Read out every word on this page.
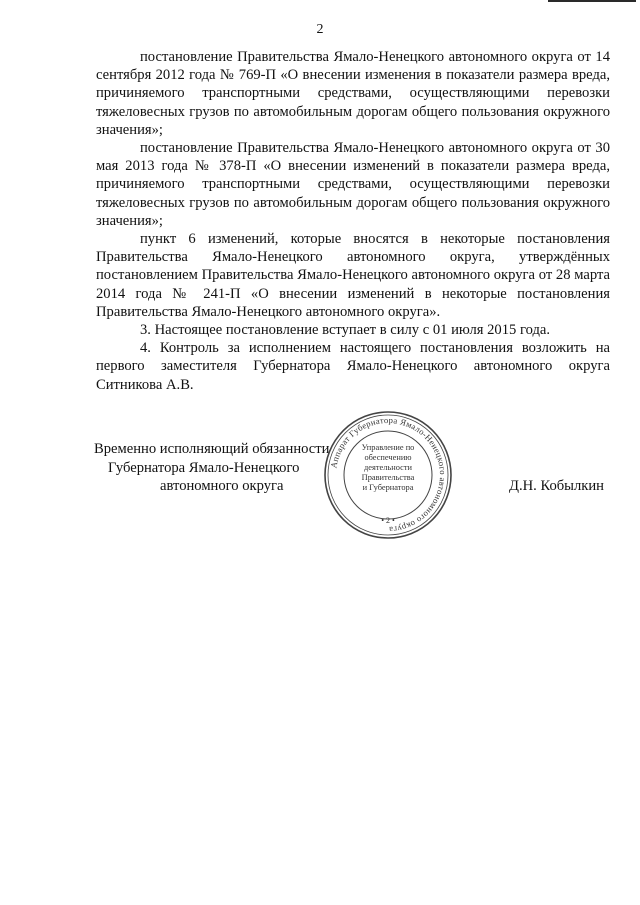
2

постановление Правительства Ямало-Ненецкого автономного округа от 14 сентября 2012 года № 769-П «О внесении изменения в показатели размера вреда, причиняемого транспортными средствами, осуществляющими перевозки тяжеловесных грузов по автомобильным дорогам общего пользования окружного значения»;

постановление Правительства Ямало-Ненецкого автономного округа от 30 мая 2013 года № 378-П «О внесении изменений в показатели размера вреда, причиняемого транспортными средствами, осуществляющими перевозки тяжеловесных грузов по автомобильным дорогам общего пользования окружного значения»;

пункт 6 изменений, которые вносятся в некоторые постановления Правительства Ямало-Ненецкого автономного округа, утверждённых постановлением Правительства Ямало-Ненецкого автономного округа от 28 марта 2014 года № 241-П «О внесении изменений в некоторые постановления Правительства Ямало-Ненецкого автономного округа».

3. Настоящее постановление вступает в силу с 01 июля 2015 года.

4. Контроль за исполнением настоящего постановления возложить на первого заместителя Губернатора Ямало-Ненецкого автономного округа Ситникова А.В.

Временно исполняющий обязанности
Губернатора Ямало-Ненецкого
автономного округа
Аппарат Губернатора Ямало-Ненецкого автономного округа
Управление по
обеспечению
деятельности
Правительства
и Губернатора
• 2 •
Д.Н. Кобылкин
